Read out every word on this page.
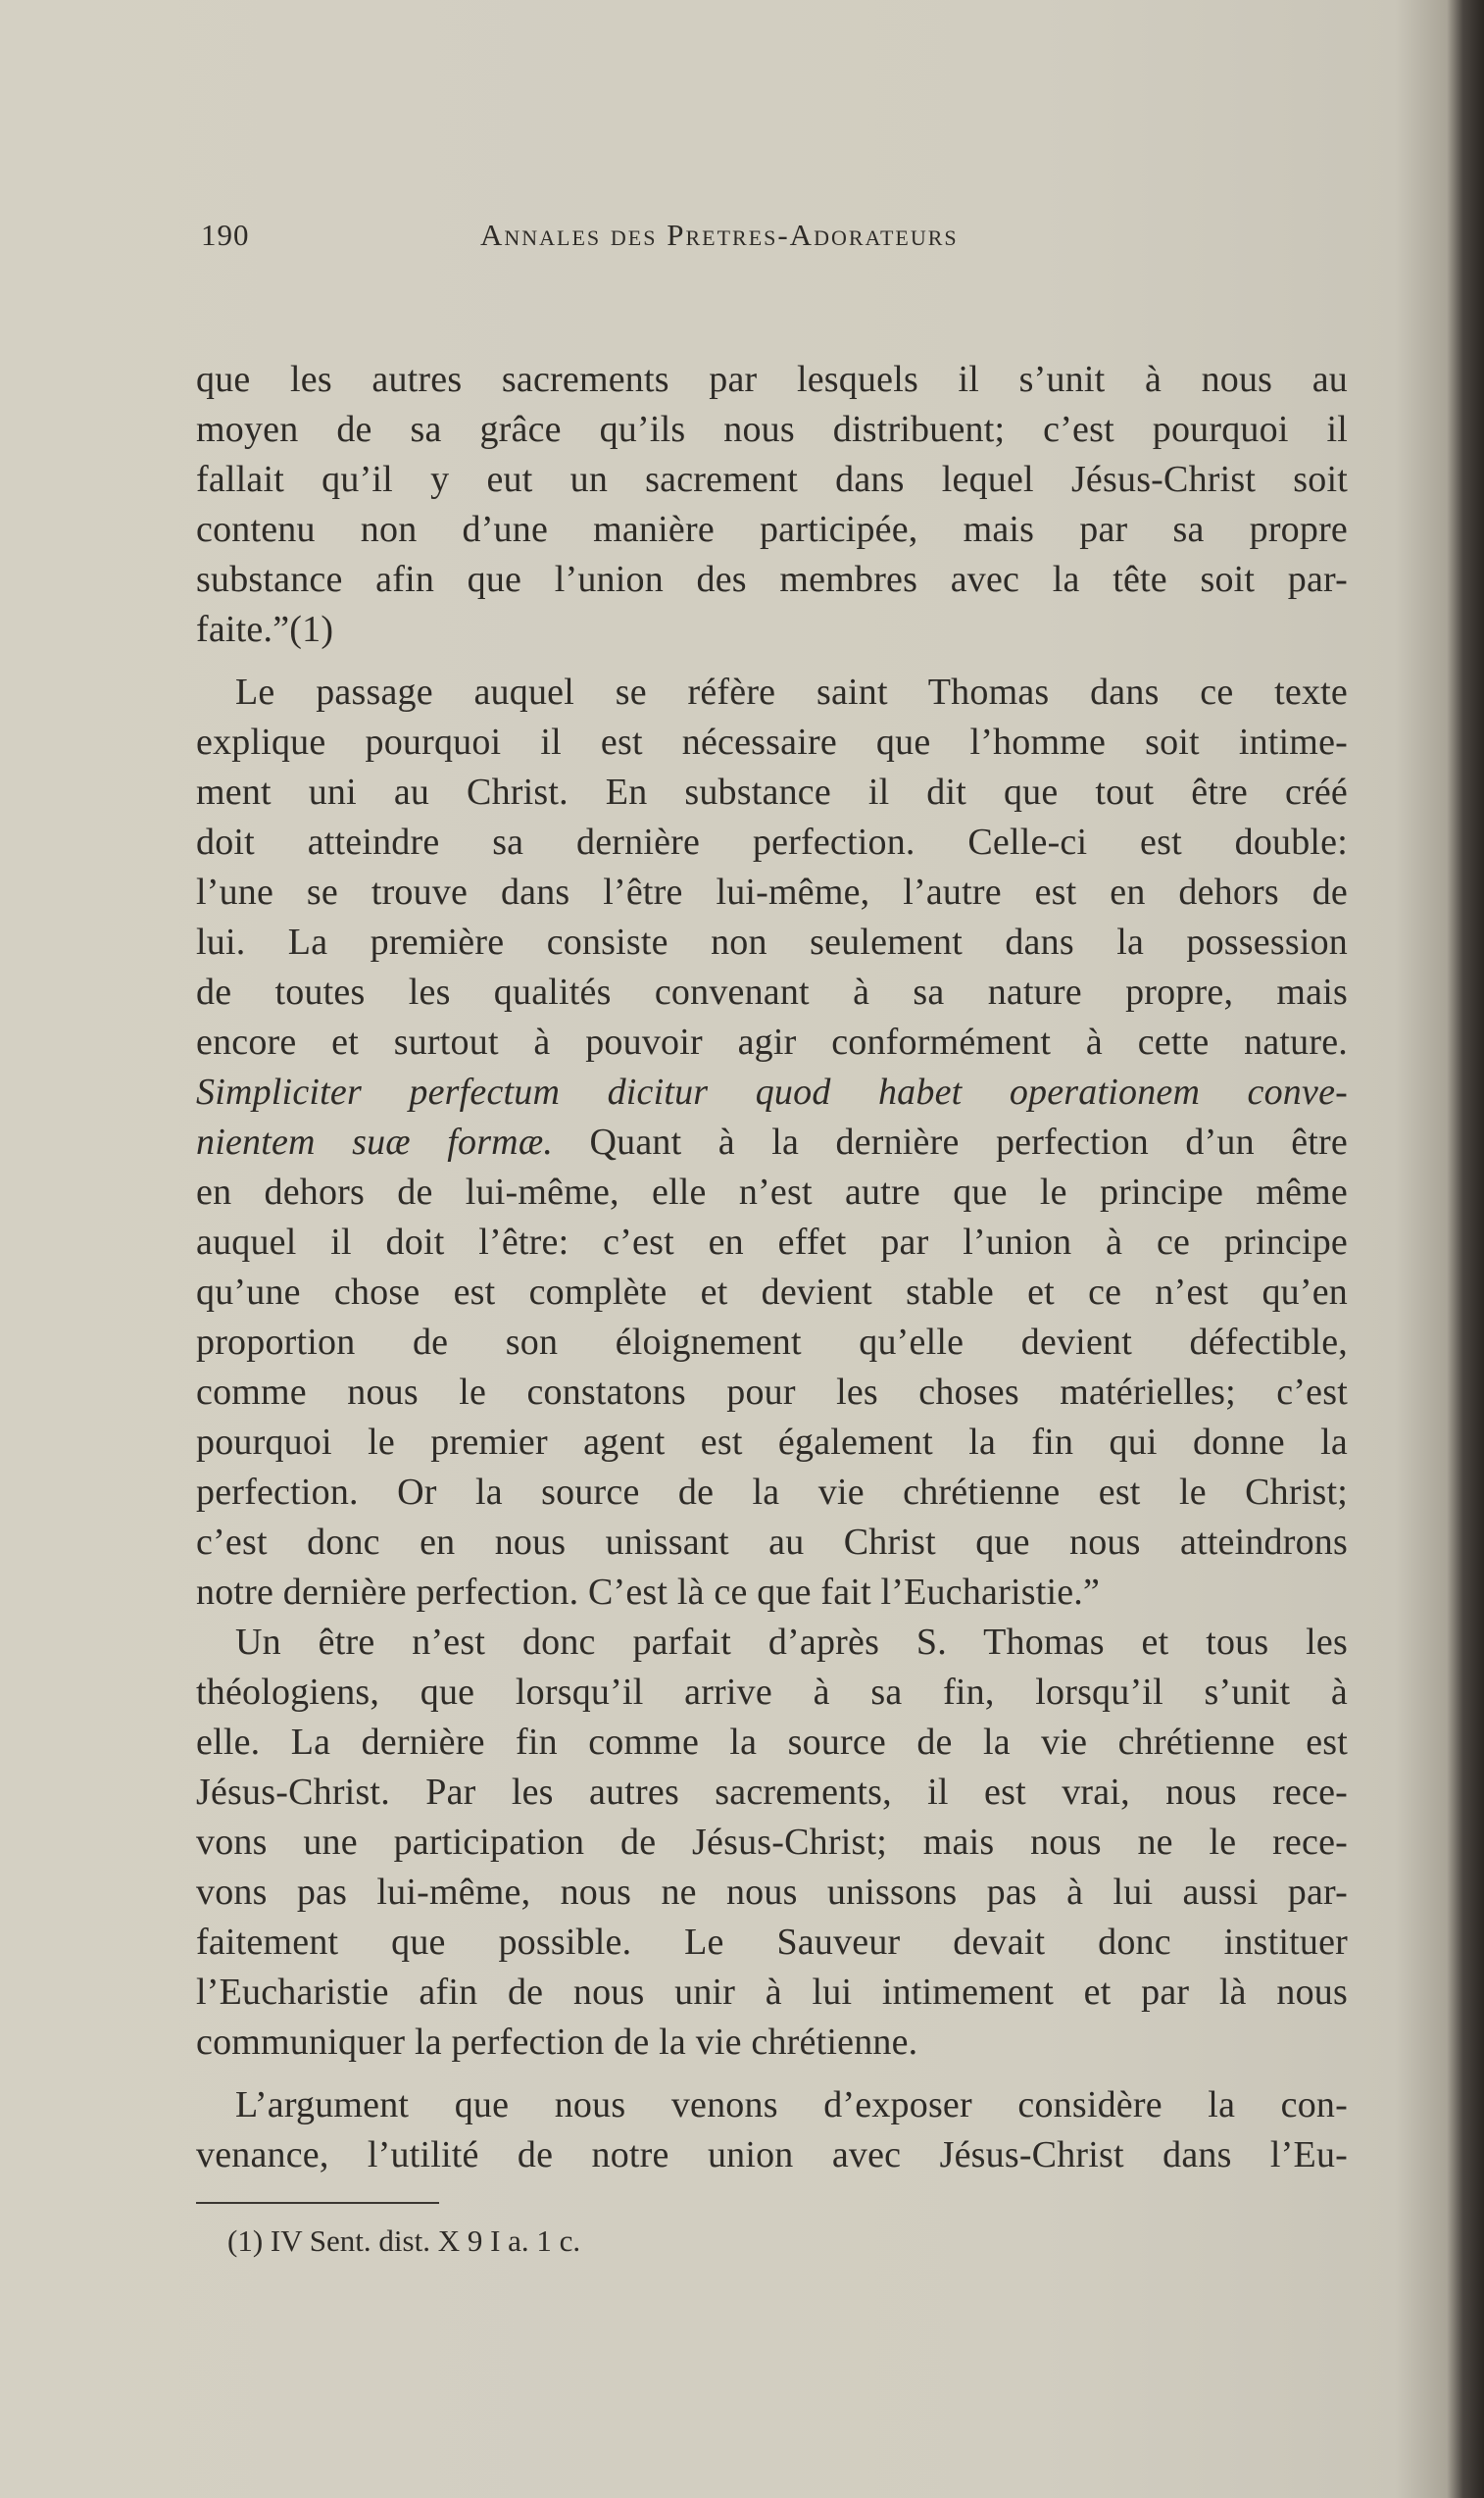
190	Annales des Pretres-Adorateurs
que les autres sacrements par lesquels il s’unit à nous au
moyen de sa grâce qu’ils nous distribuent; c’est pourquoi il
fallait qu’il y eut un sacrement dans lequel Jésus-Christ soit
contenu non d’une manière participée, mais par sa propre
substance afin que l’union des membres avec la tête soit par-
faite.”(1)
Le passage auquel se réfère saint Thomas dans ce texte
explique pourquoi il est nécessaire que l’homme soit intime-
ment uni au Christ. En substance il dit que tout être créé
doit atteindre sa dernière perfection. Celle-ci est double:
l’une se trouve dans l’être lui-même, l’autre est en dehors de
lui. La première consiste non seulement dans la possession
de toutes les qualités convenant à sa nature propre, mais
encore et surtout à pouvoir agir conformément à cette nature.
Simpliciter perfectum dicitur quod habet operationem conve-
nientem suæ formæ. Quant à la dernière perfection d’un être
en dehors de lui-même, elle n’est autre que le principe même
auquel il doit l’être: c’est en effet par l’union à ce principe
qu’une chose est complète et devient stable et ce n’est qu’en
proportion de son éloignement qu’elle devient défectible,
comme nous le constatons pour les choses matérielles; c’est
pourquoi le premier agent est également la fin qui donne la
perfection. Or la source de la vie chrétienne est le Christ;
c’est donc en nous unissant au Christ que nous atteindrons
notre dernière perfection. C’est là ce que fait l’Eucharistie.”
Un être n’est donc parfait d’après S. Thomas et tous les
théologiens, que lorsqu’il arrive à sa fin, lorsqu’il s’unit à
elle. La dernière fin comme la source de la vie chrétienne est
Jésus-Christ. Par les autres sacrements, il est vrai, nous rece-
vons une participation de Jésus-Christ; mais nous ne le rece-
vons pas lui-même, nous ne nous unissons pas à lui aussi par-
faitement que possible. Le Sauveur devait donc instituer
l’Eucharistie afin de nous unir à lui intimement et par là nous
communiquer la perfection de la vie chrétienne.
L’argument que nous venons d’exposer considère la con-
venance, l’utilité de notre union avec Jésus-Christ dans l’Eu-
(1) IV Sent. dist. X 9 I a. 1 c.
